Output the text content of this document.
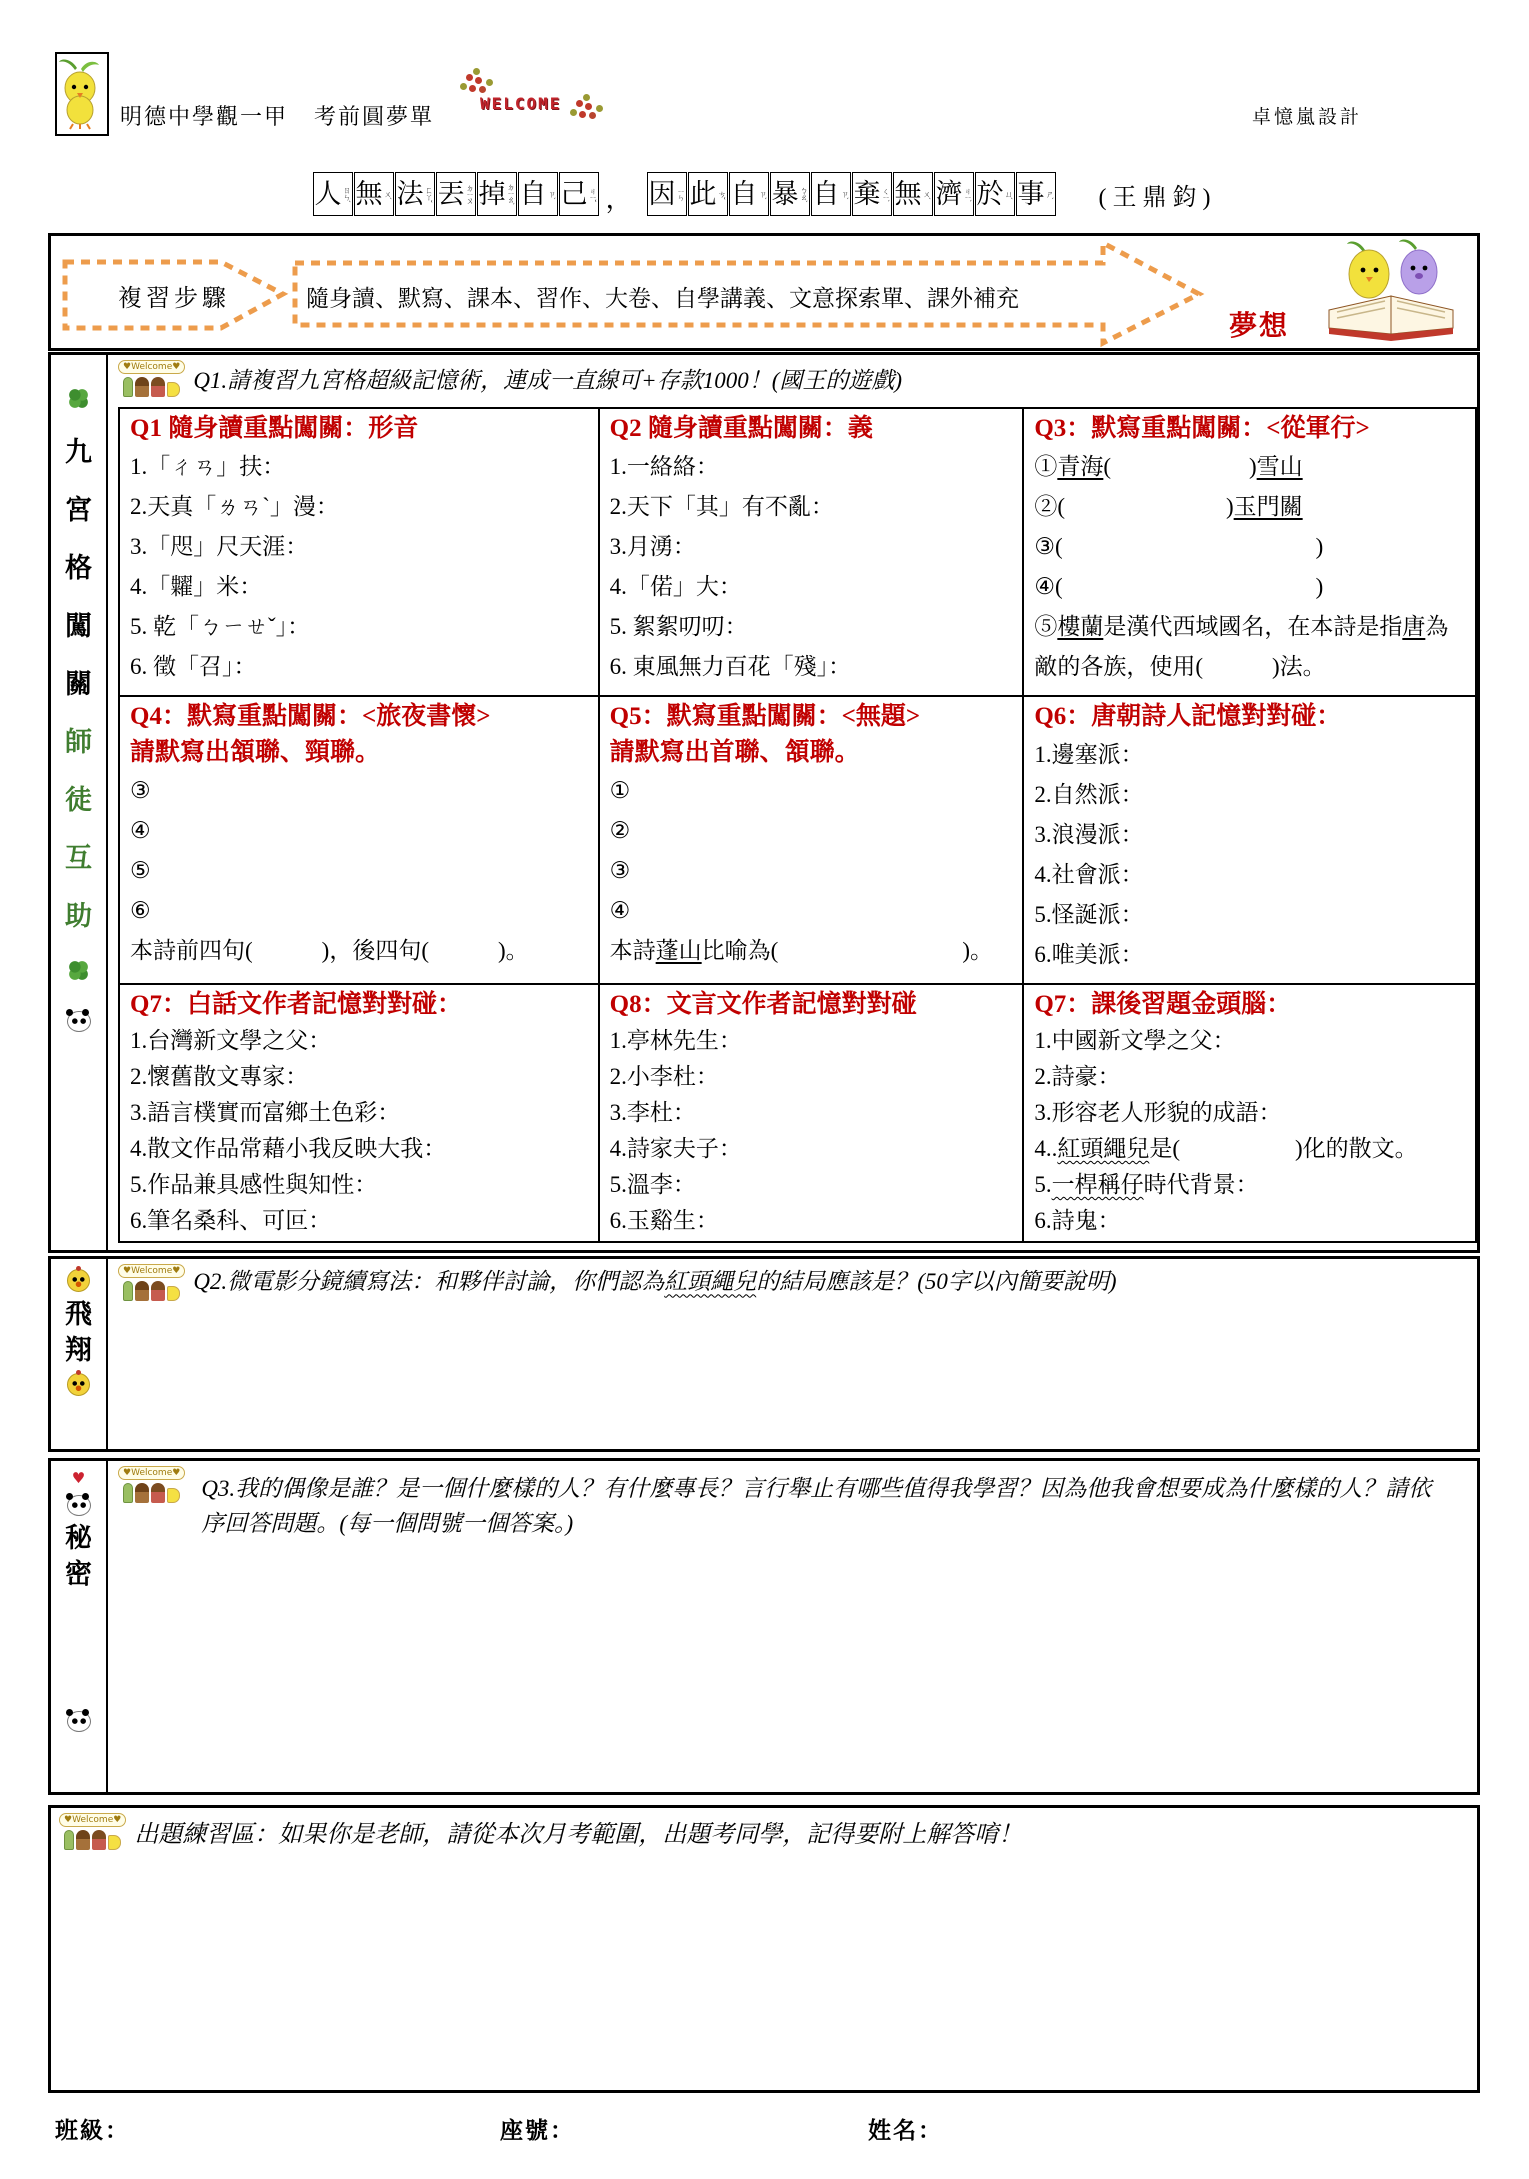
明德中學觀一甲 考前圓夢單
WELCOME
卓憶嵐設計
人 ㄖㄣˊ 無 ㄨˊ 法 ㄈㄚˇ 丟 ㄉㄧㄡ 掉 ㄉㄧㄠˋ 自 ㄗˋ 己 ㄐㄧˇ ， 因 ㄧㄣ 此 ㄘˇ 自 ㄗˋ 暴 ㄅㄠˋ 自 ㄗˋ 棄 ㄑㄧˋ 無 ㄨˊ 濟 ㄐㄧˋ 於 ㄩˊ 事 ㄕˋ (王鼎鈞)
複習步驟	隨身讀、默寫、課本、習作、大卷、自學講義、文意探索單、課外補充
夢想
九
宮
格
闖
關
師
徒
互
助
♥Welcome♥
Q1.請複習九宮格超級記憶術，連成一直線可+存款1000！(國王的遊戲)
Q1 隨身讀重點闖關：形音
1.「ㄔㄢ」扶：
2.天真「ㄌㄢˋ」漫：
3.「咫」尺天涯：
4.「糶」米：
5. 乾「ㄅㄧㄝˇ」：
6. 徵「召」：

Q2 隨身讀重點闖關：義
1.一絡絡：
2.天下「其」有不亂：
3.月湧：
4.「偌」大：
5. 絮絮叨叨：
6. 東風無力百花「殘」：

Q3：默寫重點闖關：<從軍行>
①青海(　　　　　　)雪山
②(　　　　　　　)玉門關
③(　　　　　　　　　　　)
④(　　　　　　　　　　　)
⑤樓蘭是漢代西域國名，在本詩是指唐為敵的各族，使用(　　　)法。

Q4：默寫重點闖關：<旅夜書懷>
請默寫出頷聯、頸聯。
③
④
⑤
⑥
本詩前四句(　　　)，後四句(　　　)。

Q5：默寫重點闖關：<無題>
請默寫出首聯、頷聯。
①
②
③
④
本詩蓬山比喻為(　　　　　　　　)。

Q6：唐朝詩人記憶對對碰：
1.邊塞派：
2.自然派：
3.浪漫派：
4.社會派：
5.怪誕派：
6.唯美派：

Q7：白話文作者記憶對對碰：
1.台灣新文學之父：
2.懷舊散文專家：
3.語言樸實而富鄉土色彩：
4.散文作品常藉小我反映大我：
5.作品兼具感性與知性：
6.筆名桑科、可叵：

Q8：文言文作者記憶對對碰
1.亭林先生：
2.小李杜：
3.李杜：
4.詩家夫子：
5.溫李：
6.玉谿生：

Q7：課後習題金頭腦：
1.中國新文學之父：
2.詩豪：
3.形容老人形貌的成語：
4..紅頭繩兒是(　　　　　)化的散文。
5.一桿稱仔時代背景：
6.詩鬼：
飛
翔
♥Welcome♥ Q2.微電影分鏡續寫法：和夥伴討論，你們認為紅頭繩兒的結局應該是？(50字以內簡要說明)
♥
秘
密
♥Welcome♥
Q3.我的偶像是誰？是一個什麼樣的人？有什麼專長？言行舉止有哪些值得我學習？因為他我會想要成為什麼樣的人？請依序回答問題。(每一個問號一個答案。)
♥Welcome♥
出題練習區：如果你是老師，請從本次月考範圍，出題考同學，記得要附上解答唷！
班級：	座號：	姓名：
